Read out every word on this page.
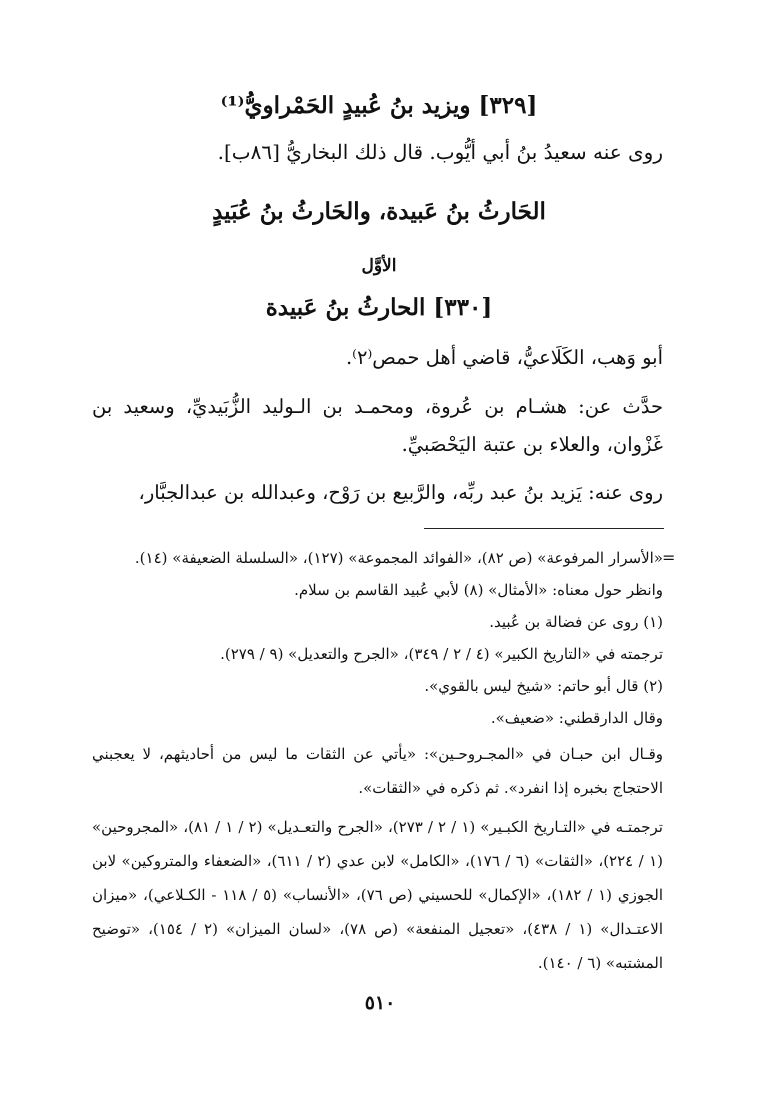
[٣٢٩] ويزيد بنُ عُبيدٍ الحَمْراويُّ⁽¹⁾
روى عنه سعيدُ بنُ أبي أيُّوب. قال ذلك البخاريُّ [٨٦ب].
الحَارثُ بنُ عَبيدة، والحَارثُ بنُ عُبَيدٍ
الأوَّل
[٣٣٠] الحارثُ بنُ عَبيدة
أبو وَهب، الكَلَاعيُّ، قاضي أهل حمص⁽٢⁾.
حدَّث عن: هشـام بن عُروة، ومحمـد بن الـوليد الزُّبَيديِّ، وسعيد بن غَزْوان، والعلاء بن عتبة اليَحْصَبيِّ.
روى عنه: يَزيد بنُ عبد ربِّه، والرَّبيع بن رَوْح، وعبدالله بن عبدالجبَّار،
=

«الأسرار المرفوعة» (ص ٨٢)، «الفوائد المجموعة» (١٢٧)، «السلسلة الضعيفة» (١٤).

وانظر حول معناه: «الأمثال» (٨) لأبي عُبيد القاسم بن سلام.

(١) روى عن فضالة بن عُبيد.

ترجمته في «التاريخ الكبير» (٤ / ٢ / ٣٤٩)، «الجرح والتعديل» (٩ / ٢٧٩).

(٢) قال أبو حاتم: «شيخ ليس بالقوي».

وقال الدارقطني: «ضعيف».

وقـال ابن حبـان في «المجـروحـين»: «يأتي عن الثقات ما ليس من أحاديثهم، لا يعجبني الاحتجاج بخبره إذا انفرد». ثم ذكره في «الثقات».

ترجمتـه في «التـاريخ الكبـير» (١ / ٢ / ٢٧٣)، «الجرح والتعـديل» (٢ / ١ / ٨١)، «المجروحين» (١ / ٢٢٤)، «الثقات» (٦ / ١٧٦)، «الكامل» لابن عدي (٢ / ٦١١)، «الضعفاء والمتروكين» لابن الجوزي (١ / ١٨٢)، «الإكمال» للحسيني (ص ٧٦)، «الأنساب» (٥ / ١١٨ - الكـلاعي)، «ميزان الاعتـدال» (١ / ٤٣٨)، «تعجيل المنفعة» (ص ٧٨)، «لسان الميزان» (٢ / ١٥٤)، «توضيح المشتبه» (٦ / ١٤٠).

٥١٠
